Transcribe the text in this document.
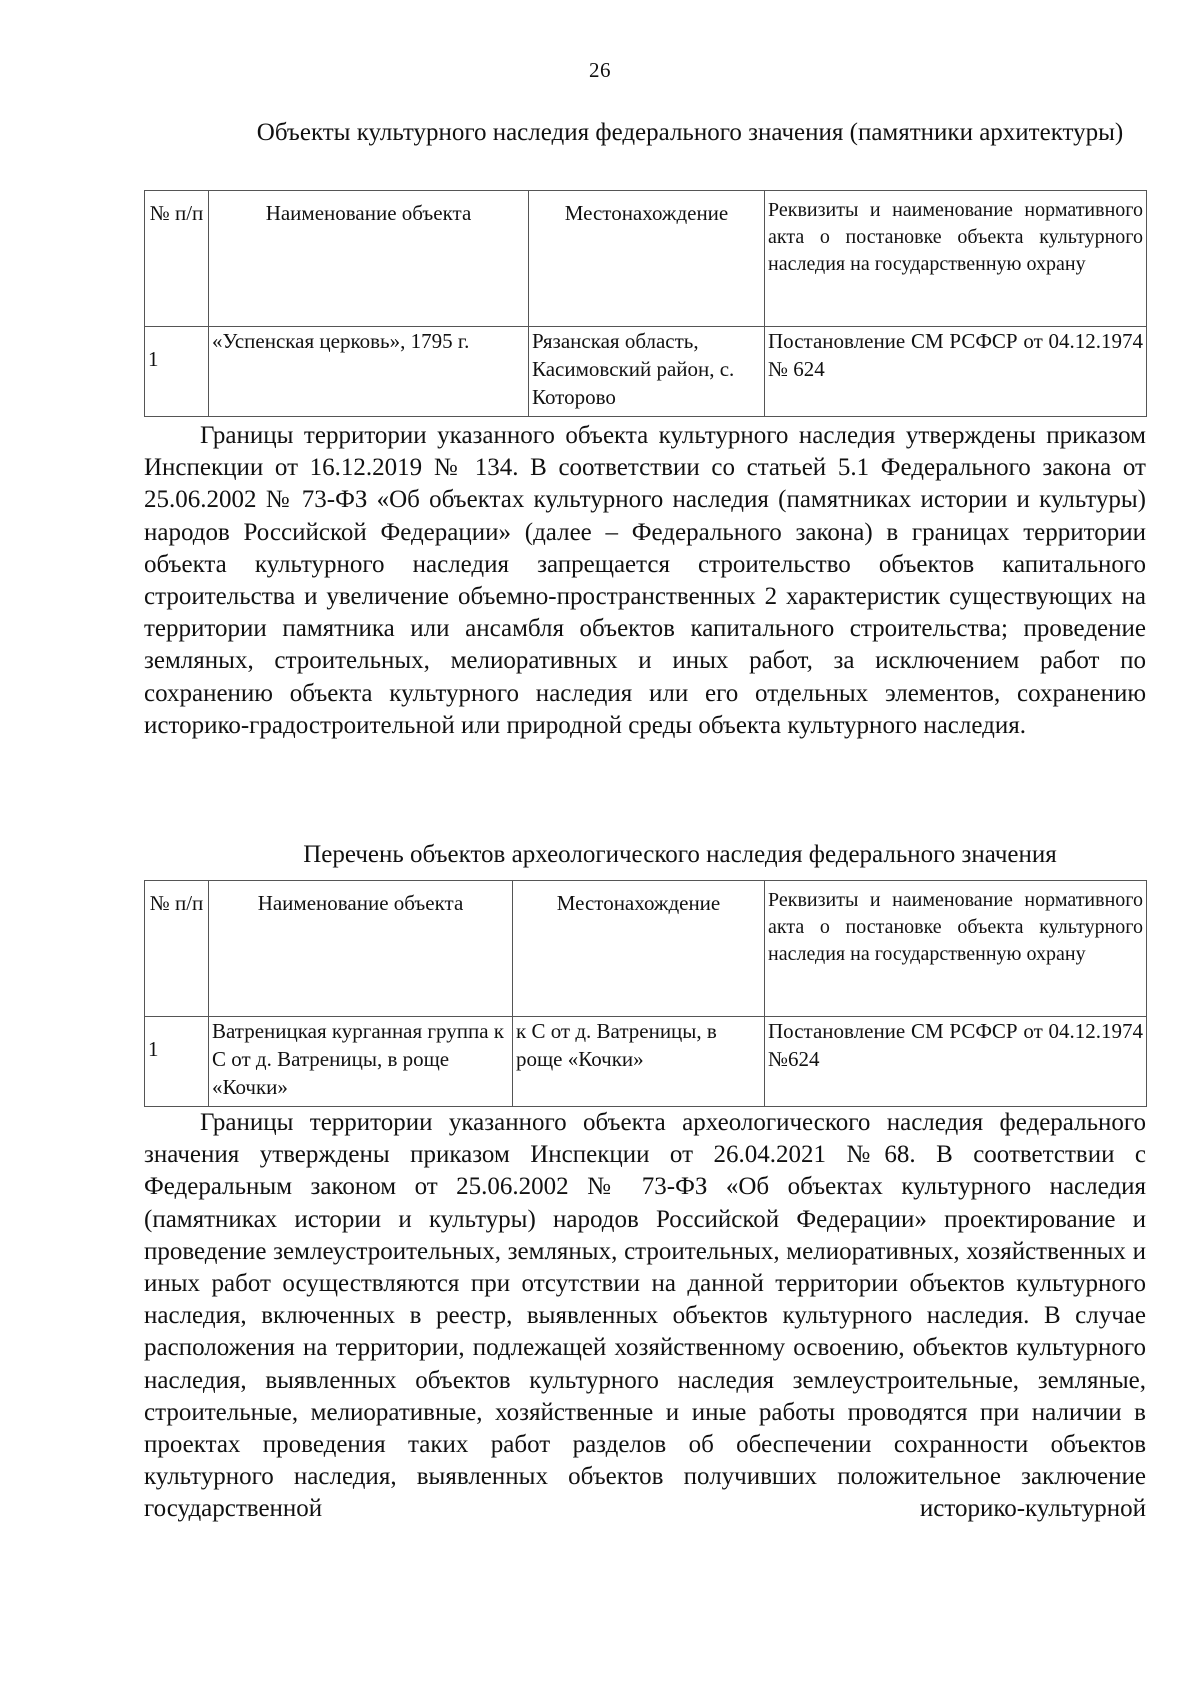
26
Объекты культурного наследия федерального значения (памятники архитектуры)
№ п/п	Наименование объекта	Местонахождение	Реквизиты и наименование нормативного акта о постановке объекта культурного наследия на государственную охрану
1	«Успенская церковь», 1795 г.	Рязанская область, Касимовский район, с. Которово	Постановление СМ РСФСР от 04.12.1974 № 624

Границы территории указанного объекта культурного наследия утверждены приказом Инспекции от 16.12.2019 № 134. В соответствии со статьей 5.1 Федерального закона от 25.06.2002 № 73-ФЗ «Об объектах культурного наследия (памятниках истории и культуры) народов Российской Федерации» (далее – Федерального закона) в границах территории объекта культурного наследия запрещается строительство объектов капитального строительства и увеличение объемно-пространственных 2 характеристик существующих на территории памятника или ансамбля объектов капитального строительства; проведение земляных, строительных, мелиоративных и иных работ, за исключением работ по сохранению объекта культурного наследия или его отдельных элементов, сохранению историко-градостроительной или природной среды объекта культурного наследия.

Перечень объектов археологического наследия федерального значения
№ п/п	Наименование объекта	Местонахождение	Реквизиты и наименование нормативного акта о постановке объекта культурного наследия на государственную охрану
1	Ватреницкая курганная группа к С от д. Ватреницы, в роще «Кочки»	к С от д. Ватреницы, в роще «Кочки»	Постановление СМ РСФСР от 04.12.1974 №624

Границы территории указанного объекта археологического наследия федерального значения утверждены приказом Инспекции от 26.04.2021 №68. В соответствии с Федеральным законом от 25.06.2002 № 73-ФЗ «Об объектах культурного наследия (памятниках истории и культуры) народов Российской Федерации» проектирование и проведение землеустроительных, земляных, строительных, мелиоративных, хозяйственных и иных работ осуществляются при отсутствии на данной территории объектов культурного наследия, включенных в реестр, выявленных объектов культурного наследия. В случае расположения на территории, подлежащей хозяйственному освоению, объектов культурного наследия, выявленных объектов культурного наследия землеустроительные, земляные, строительные, мелиоративные, хозяйственные и иные работы проводятся при наличии в проектах проведения таких работ разделов об обеспечении сохранности объектов культурного наследия, выявленных объектов получивших положительное заключение государственной историко-культурной
